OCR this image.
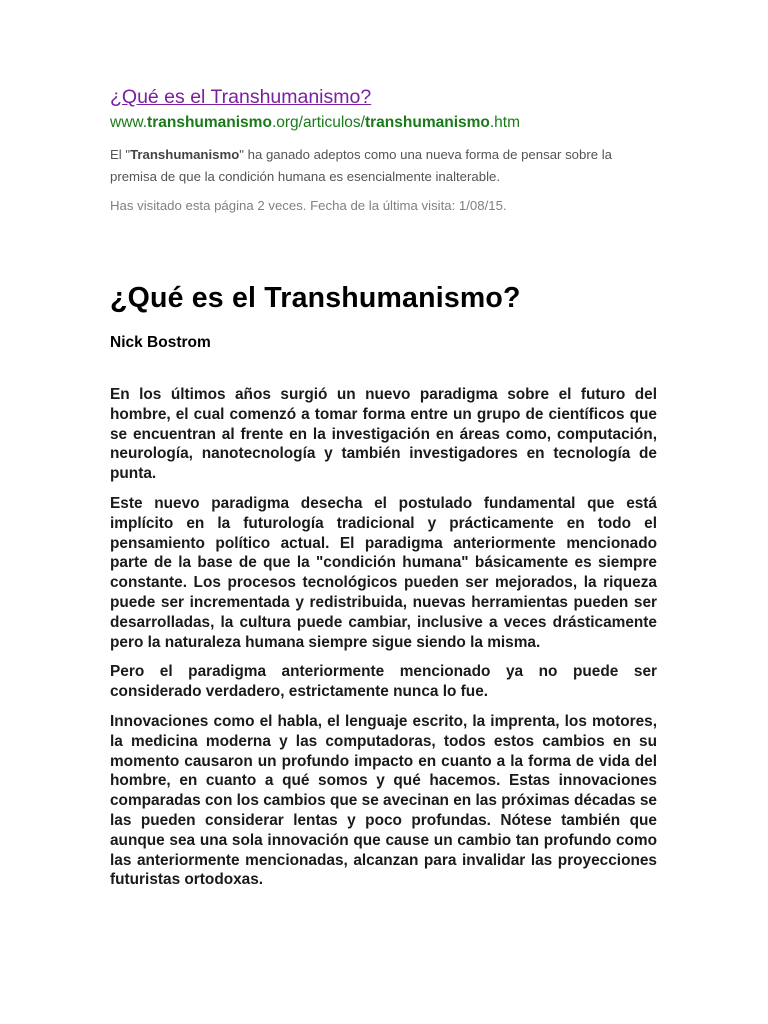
¿Qué es el Transhumanismo?
www.transhumanismo.org/articulos/transhumanismo.htm
El "Transhumanismo" ha ganado adeptos como una nueva forma de pensar sobre la premisa de que la condición humana es esencialmente inalterable.
Has visitado esta página 2 veces. Fecha de la última visita: 1/08/15.
¿Qué es el Transhumanismo?
Nick Bostrom

En los últimos años surgió un nuevo paradigma sobre el futuro del hombre, el cual comenzó a tomar forma entre un grupo de científicos que se encuentran al frente en la investigación en áreas como, computación, neurología, nanotecnología y también investigadores en tecnología de punta.

Este nuevo paradigma desecha el postulado fundamental que está implícito en la futurología tradicional y prácticamente en todo el pensamiento político actual. El paradigma anteriormente mencionado parte de la base de que la "condición humana" básicamente es siempre constante. Los procesos tecnológicos pueden ser mejorados, la riqueza puede ser incrementada y redistribuida, nuevas herramientas pueden ser desarrolladas, la cultura puede cambiar, inclusive a veces drásticamente pero la naturaleza humana siempre sigue siendo la misma.

Pero el paradigma anteriormente mencionado ya no puede ser considerado verdadero, estrictamente nunca lo fue.

Innovaciones como el habla, el lenguaje escrito, la imprenta, los motores, la medicina moderna y las computadoras, todos estos cambios en su momento causaron un profundo impacto en cuanto a la forma de vida del hombre, en cuanto a qué somos y qué hacemos. Estas innovaciones comparadas con los cambios que se avecinan en las próximas décadas se las pueden considerar lentas y poco profundas. Nótese también que aunque sea una sola innovación que cause un cambio tan profundo como las anteriormente mencionadas, alcanzan para invalidar las proyecciones futuristas ortodoxas.
